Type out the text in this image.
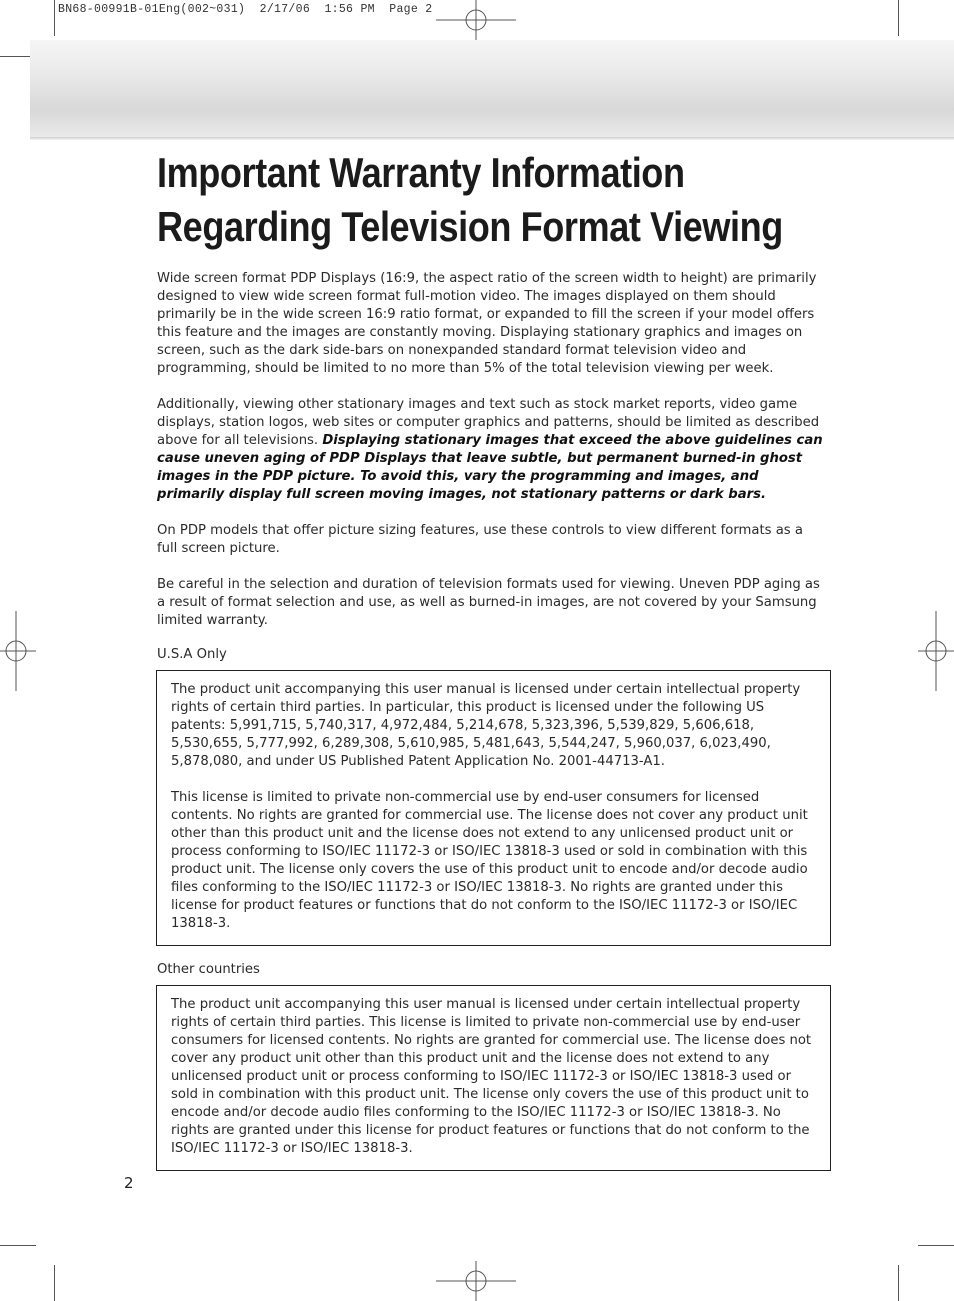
BN68-00991B-01Eng(002~031)  2/17/06  1:56 PM  Page 2
Important Warranty Information
Regarding Television Format Viewing

Wide screen format PDP Displays (16:9, the aspect ratio of the screen width to height) are primarily designed to view wide screen format full-motion video. The images displayed on them should primarily be in the wide screen 16:9 ratio format, or expanded to fill the screen if your model offers this feature and the images are constantly moving. Displaying stationary graphics and images on screen, such as the dark side-bars on nonexpanded standard format television video and programming, should be limited to no more than 5% of the total television viewing per week.

Additionally, viewing other stationary images and text such as stock market reports, video game displays, station logos, web sites or computer graphics and patterns, should be limited as described above for all televisions. Displaying stationary images that exceed the above guidelines can cause uneven aging of PDP Displays that leave subtle, but permanent burned-in ghost images in the PDP picture. To avoid this, vary the programming and images, and primarily display full screen moving images, not stationary patterns or dark bars.

On PDP models that offer picture sizing features, use these controls to view different formats as a full screen picture.

Be careful in the selection and duration of television formats used for viewing. Uneven PDP aging as a result of format selection and use, as well as burned-in images, are not covered by your Samsung limited warranty.

U.S.A Only

The product unit accompanying this user manual is licensed under certain intellectual property rights of certain third parties. In particular, this product is licensed under the following US patents: 5,991,715, 5,740,317, 4,972,484, 5,214,678, 5,323,396, 5,539,829, 5,606,618, 5,530,655, 5,777,992, 6,289,308, 5,610,985, 5,481,643, 5,544,247, 5,960,037, 6,023,490, 5,878,080, and under US Published Patent Application No. 2001-44713-A1.

This license is limited to private non-commercial use by end-user consumers for licensed contents. No rights are granted for commercial use. The license does not cover any product unit other than this product unit and the license does not extend to any unlicensed product unit or process conforming to ISO/IEC 11172-3 or ISO/IEC 13818-3 used or sold in combination with this product unit. The license only covers the use of this product unit to encode and/or decode audio files conforming to the ISO/IEC 11172-3 or ISO/IEC 13818-3. No rights are granted under this license for product features or functions that do not conform to the ISO/IEC 11172-3 or ISO/IEC 13818-3.

Other countries

The product unit accompanying this user manual is licensed under certain intellectual property rights of certain third parties. This license is limited to private non-commercial use by end-user consumers for licensed contents. No rights are granted for commercial use. The license does not cover any product unit other than this product unit and the license does not extend to any unlicensed product unit or process conforming to ISO/IEC 11172-3 or ISO/IEC 13818-3 used or sold in combination with this product unit. The license only covers the use of this product unit to encode and/or decode audio files conforming to the ISO/IEC 11172-3 or ISO/IEC 13818-3. No rights are granted under this license for product features or functions that do not conform to the ISO/IEC 11172-3 or ISO/IEC 13818-3.

2
